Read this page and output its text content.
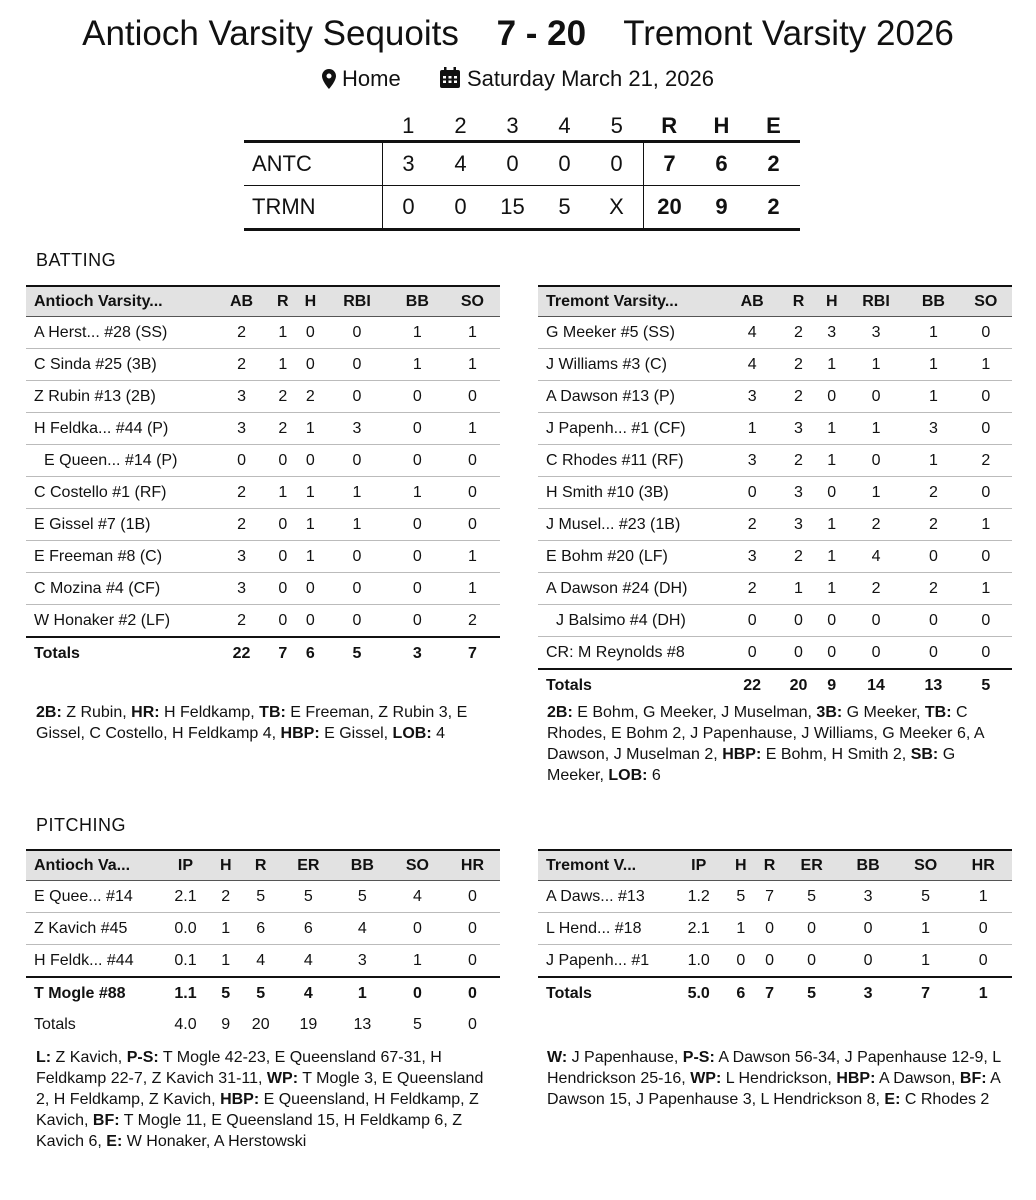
Antioch Varsity Sequoits 7 - 20 Tremont Varsity 2026
Home	Saturday March 21, 2026
	1	2	3	4	5	R	H	E
ANTC	3	4	0	0	0	7	6	2
TRMN	0	0	15	5	X	20	9	2
BATTING
Antioch Varsity...	AB	R	H	RBI	BB	SO
A Herst... #28 (SS)	2	1	0	0	1	1
C Sinda #25 (3B)	2	1	0	0	1	1
Z Rubin #13 (2B)	3	2	2	0	0	0
H Feldka... #44 (P)	3	2	1	3	0	1
E Queen... #14 (P)	0	0	0	0	0	0
C Costello #1 (RF)	2	1	1	1	1	0
E Gissel #7 (1B)	2	0	1	1	0	0
E Freeman #8 (C)	3	0	1	0	0	1
C Mozina #4 (CF)	3	0	0	0	0	1
W Honaker #2 (LF)	2	0	0	0	0	2
Totals	22	7	6	5	3	7
Tremont Varsity...	AB	R	H	RBI	BB	SO
G Meeker #5 (SS)	4	2	3	3	1	0
J Williams #3 (C)	4	2	1	1	1	1
A Dawson #13 (P)	3	2	0	0	1	0
J Papenh... #1 (CF)	1	3	1	1	3	0
C Rhodes #11 (RF)	3	2	1	0	1	2
H Smith #10 (3B)	0	3	0	1	2	0
J Musel... #23 (1B)	2	3	1	2	2	1
E Bohm #20 (LF)	3	2	1	4	0	0
A Dawson #24 (DH)	2	1	1	2	2	1
J Balsimo #4 (DH)	0	0	0	0	0	0
CR: M Reynolds #8	0	0	0	0	0	0
Totals	22	20	9	14	13	5
2B: Z Rubin, HR: H Feldkamp, TB: E Freeman, Z Rubin 3, E Gissel, C Costello, H Feldkamp 4, HBP: E Gissel, LOB: 4
2B: E Bohm, G Meeker, J Muselman, 3B: G Meeker, TB: C Rhodes, E Bohm 2, J Papenhause, J Williams, G Meeker 6, A Dawson, J Muselman 2, HBP: E Bohm, H Smith 2, SB: G Meeker, LOB: 6
PITCHING
Antioch Va...	IP	H	R	ER	BB	SO	HR
E Quee... #14	2.1	2	5	5	5	4	0
Z Kavich #45	0.0	1	6	6	4	0	0
H Feldk... #44	0.1	1	4	4	3	1	0
T Mogle #88	1.1	5	5	4	1	0	0
Totals	4.0	9	20	19	13	5	0
Tremont V...	IP	H	R	ER	BB	SO	HR
A Daws... #13	1.2	5	7	5	3	5	1
L Hend... #18	2.1	1	0	0	0	1	0
J Papenh... #1	1.0	0	0	0	0	1	0
Totals	5.0	6	7	5	3	7	1
L: Z Kavich, P-S: T Mogle 42-23, E Queensland 67-31, H Feldkamp 22-7, Z Kavich 31-11, WP: T Mogle 3, E Queensland 2, H Feldkamp, Z Kavich, HBP: E Queensland, H Feldkamp, Z Kavich, BF: T Mogle 11, E Queensland 15, H Feldkamp 6, Z Kavich 6, E: W Honaker, A Herstowski
W: J Papenhause, P-S: A Dawson 56-34, J Papenhause 12-9, L Hendrickson 25-16, WP: L Hendrickson, HBP: A Dawson, BF: A Dawson 15, J Papenhause 3, L Hendrickson 8, E: C Rhodes 2
